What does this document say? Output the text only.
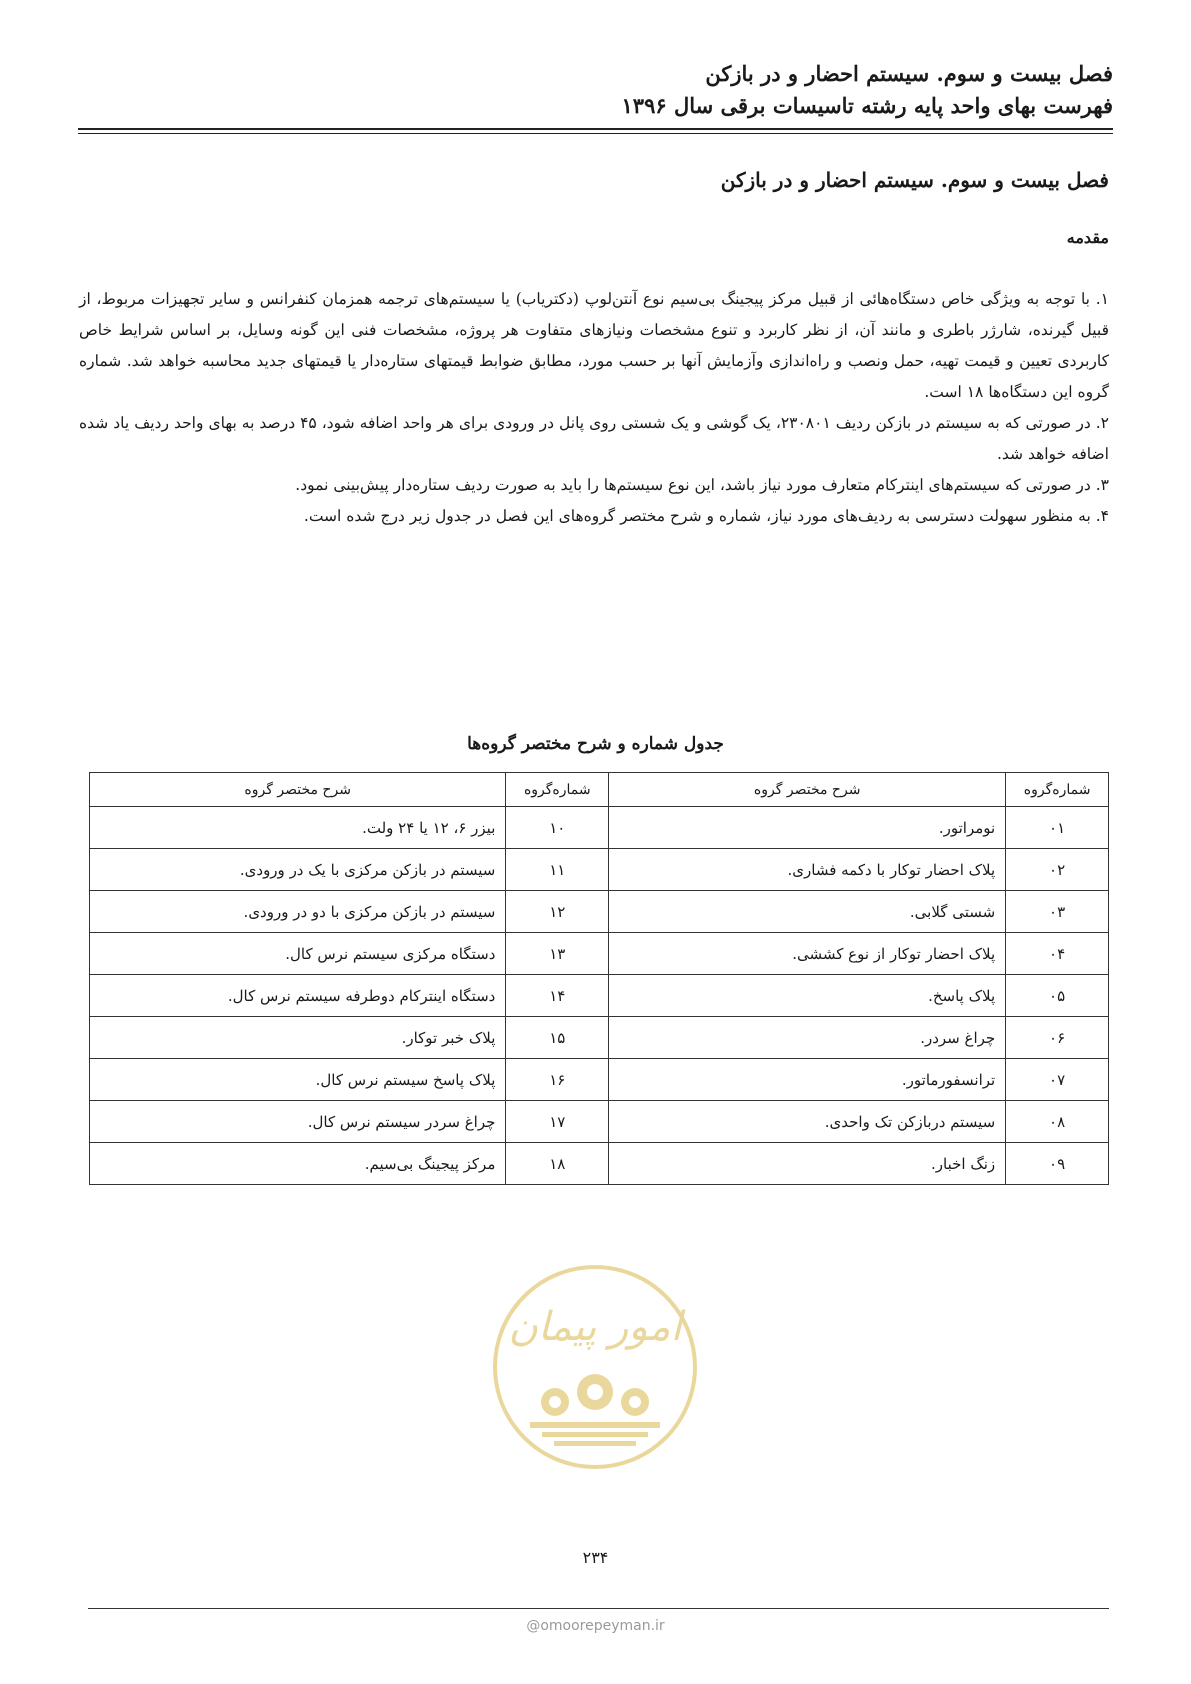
فصل بیست و سوم. سیستم احضار و در بازکن
فهرست بهای واحد پایه رشته تاسیسات برقی سال ۱۳۹۶
فصل بیست و سوم. سیستم احضار و در بازکن
مقدمه

۱. با توجه به ویژگی خاص دستگاه‌هائی از قبیل مرکز پیجینگ بی‌سیم نوع آنتن‌لوپ (دکتریاب) یا سیستم‌های ترجمه همزمان کنفرانس و سایر تجهیزات مربوط، از قبیل گیرنده، شارژر باطری و مانند آن، از نظر کاربرد و تنوع مشخصات ونیازهای متفاوت هر پروژه، مشخصات فنی این گونه وسایل، بر اساس شرایط خاص کاربردی تعیین و قیمت تهیه، حمل ونصب و راه‌اندازی وآزمایش آنها بر حسب مورد، مطابق ضوابط قیمتهای ستاره‌دار یا قیمتهای جدید محاسبه خواهد شد. شماره گروه این دستگاه‌ها ۱۸ است.

۲. در صورتی که به سیستم در بازکن ردیف ۲۳۰۸۰۱، یک گوشی و یک شستی روی پانل در ورودی برای هر واحد اضافه شود، ۴۵ درصد به بهای واحد ردیف یاد شده اضافه خواهد شد.

۳. در صورتی که سیستم‌های اینترکام متعارف مورد نیاز باشد، این نوع سیستم‌ها را باید به صورت ردیف ستاره‌دار پیش‌بینی نمود.

۴. به منظور سهولت دسترسی به ردیف‌های مورد نیاز، شماره و شرح مختصر گروه‌های این فصل در جدول زیر درج شده است.

جدول شماره و شرح مختصر گروه‌ها
شماره‌گروه	شرح مختصر گروه	شماره‌گروه	شرح مختصر گروه
۰۱	نومراتور.	۱۰	بیزر ۶، ۱۲ یا ۲۴ ولت.
۰۲	پلاک احضار توکار با دکمه فشاری.	۱۱	سیستم در بازکن مرکزی با یک در ورودی.
۰۳	شستی گلابی.	۱۲	سیستم در بازکن مرکزی با دو در ورودی.
۰۴	پلاک احضار توکار از نوع کششی.	۱۳	دستگاه مرکزی سیستم نرس کال.
۰۵	پلاک پاسخ.	۱۴	دستگاه اینترکام دوطرفه سیستم نرس کال.
۰۶	چراغ سردر.	۱۵	پلاک خبر توکار.
۰۷	ترانسفورماتور.	۱۶	پلاک پاسخ سیستم نرس کال.
۰۸	سیستم دربازکن تک واحدی.	۱۷	چراغ سردر سیستم نرس کال.
۰۹	زنگ اخبار.	۱۸	مرکز پیجینگ بی‌سیم.
امور پیمان
۲۳۴
@omoorepeyman.ir
